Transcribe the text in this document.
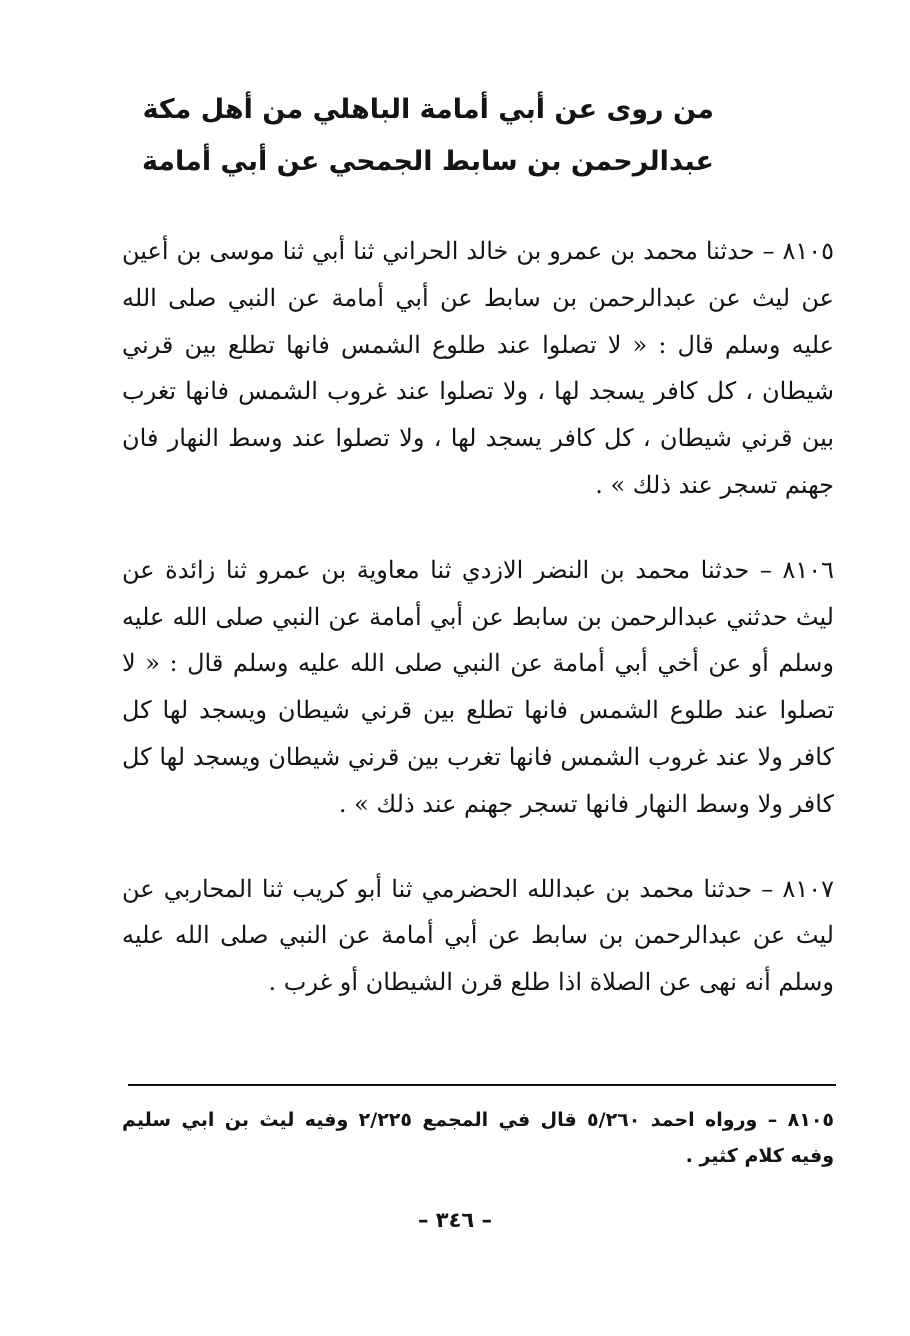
من روى عن أبي أمامة الباهلي من أهل مكة

عبدالرحمن بن سابط الجمحي عن أبي أمامة

٨١٠٥ – حدثنا محمد بن عمرو بن خالد الحراني ثنا أبي ثنا موسى بن أعين عن ليث عن عبدالرحمن بن سابط عن أبي أمامة عن النبي صلى الله عليه وسلم قال : « لا تصلوا عند طلوع الشمس فانها تطلع بين قرني شيطان ، كل كافر يسجد لها ، ولا تصلوا عند غروب الشمس فانها تغرب بين قرني شيطان ، كل كافر يسجد لها ، ولا تصلوا عند وسط النهار فان جهنم تسجر عند ذلك » .

٨١٠٦ – حدثنا محمد بن النضر الازدي ثنا معاوية بن عمرو ثنا زائدة عن ليث حدثني عبدالرحمن بن سابط عن أبي أمامة عن النبي صلى الله عليه وسلم أو عن أخي أبي أمامة عن النبي صلى الله عليه وسلم قال : « لا تصلوا عند طلوع الشمس فانها تطلع بين قرني شيطان ويسجد لها كل كافر ولا عند غروب الشمس فانها تغرب بين قرني شيطان ويسجد لها كل كافر ولا وسط النهار فانها تسجر جهنم عند ذلك » .

٨١٠٧ – حدثنا محمد بن عبدالله الحضرمي ثنا أبو كريب ثنا المحاربي عن ليث عن عبدالرحمن بن سابط عن أبي أمامة عن النبي صلى الله عليه وسلم أنه نهى عن الصلاة اذا طلع قرن الشيطان أو غرب .

٨١٠٥ – ورواه احمد ٥/٢٦٠ قال في المجمع ٢/٢٢٥ وفيه ليث بن ابي سليم وفيه كلام كثير .

– ٣٤٦ –
